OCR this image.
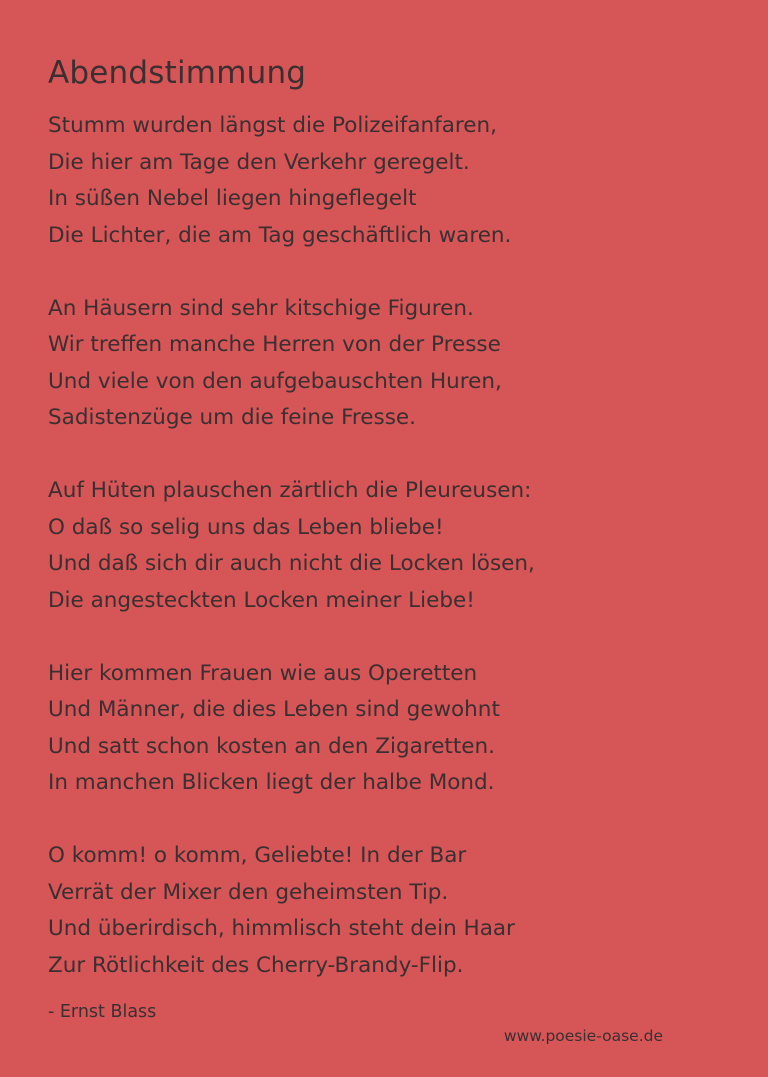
Abendstimmung
Stumm wurden längst die Polizeifanfaren,
Die hier am Tage den Verkehr geregelt.
In süßen Nebel liegen hingeflegelt
Die Lichter, die am Tag geschäftlich waren.
An Häusern sind sehr kitschige Figuren.
Wir treffen manche Herren von der Presse
Und viele von den aufgebauschten Huren,
Sadistenzüge um die feine Fresse.
Auf Hüten plauschen zärtlich die Pleureusen:
O daß so selig uns das Leben bliebe!
Und daß sich dir auch nicht die Locken lösen,
Die angesteckten Locken meiner Liebe!
Hier kommen Frauen wie aus Operetten
Und Männer, die dies Leben sind gewohnt
Und satt schon kosten an den Zigaretten.
In manchen Blicken liegt der halbe Mond.
O komm! o komm, Geliebte! In der Bar
Verrät der Mixer den geheimsten Tip.
Und überirdisch, himmlisch steht dein Haar
Zur Rötlichkeit des Cherry-Brandy-Flip.
- Ernst Blass
www.poesie-oase.de
